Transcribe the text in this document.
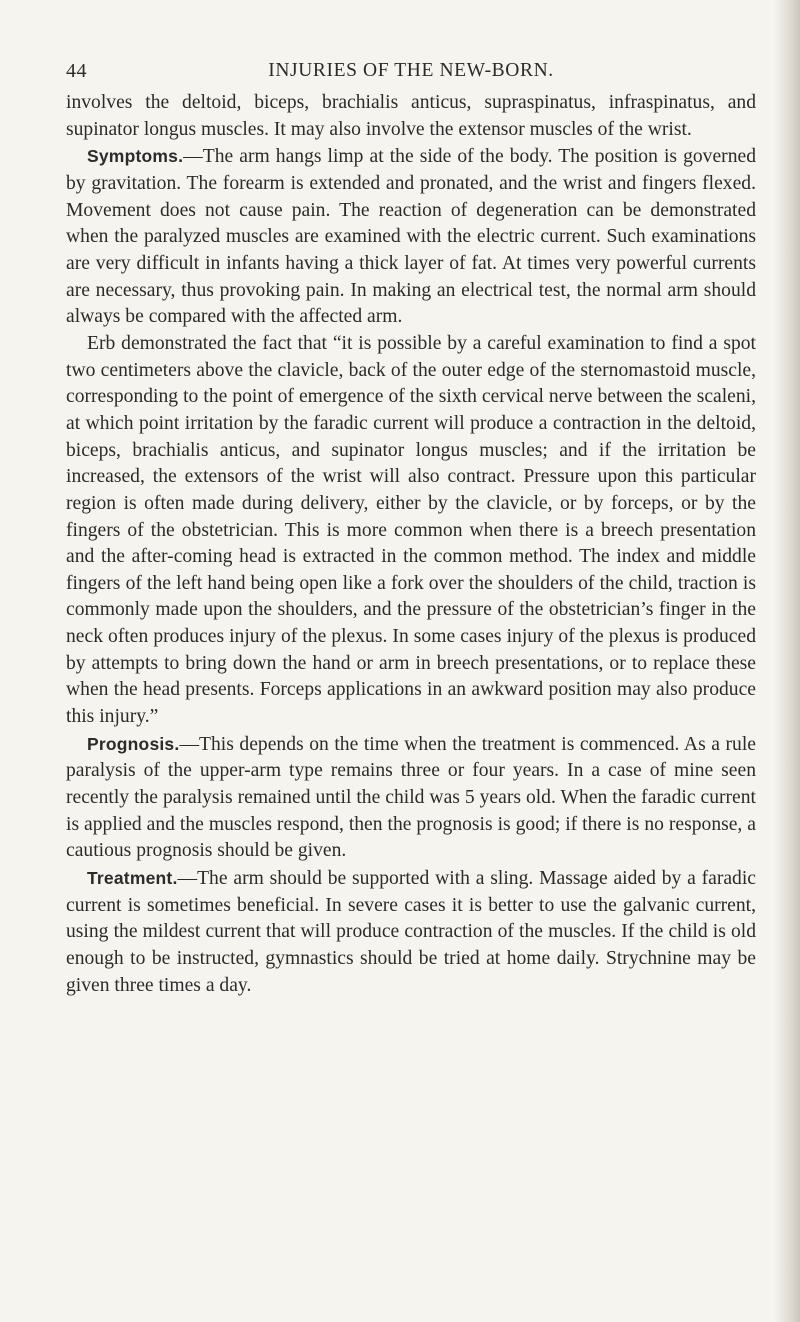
44	INJURIES OF THE NEW-BORN.

involves the deltoid, biceps, brachialis anticus, supraspinatus, infraspinatus, and supinator longus muscles. It may also involve the extensor muscles of the wrist.

Symptoms.—The arm hangs limp at the side of the body. The position is governed by gravitation. The forearm is extended and pronated, and the wrist and fingers flexed. Movement does not cause pain. The reaction of degeneration can be demonstrated when the paralyzed muscles are examined with the electric current. Such examinations are very difficult in infants having a thick layer of fat. At times very powerful currents are necessary, thus provoking pain. In making an electrical test, the normal arm should always be compared with the affected arm.

Erb demonstrated the fact that “it is possible by a careful examination to find a spot two centimeters above the clavicle, back of the outer edge of the sternomastoid muscle, corresponding to the point of emergence of the sixth cervical nerve between the scaleni, at which point irritation by the faradic current will produce a contraction in the deltoid, biceps, brachialis anticus, and supinator longus muscles; and if the irritation be increased, the extensors of the wrist will also contract. Pressure upon this particular region is often made during delivery, either by the clavicle, or by forceps, or by the fingers of the obstetrician. This is more common when there is a breech presentation and the after-coming head is extracted in the common method. The index and middle fingers of the left hand being open like a fork over the shoulders of the child, traction is commonly made upon the shoulders, and the pressure of the obstetrician’s finger in the neck often produces injury of the plexus. In some cases injury of the plexus is produced by attempts to bring down the hand or arm in breech presentations, or to replace these when the head presents. Forceps applications in an awkward position may also produce this injury.”

Prognosis.—This depends on the time when the treatment is commenced. As a rule paralysis of the upper-arm type remains three or four years. In a case of mine seen recently the paralysis remained until the child was 5 years old. When the faradic current is applied and the muscles respond, then the prognosis is good; if there is no response, a cautious prognosis should be given.

Treatment.—The arm should be supported with a sling. Massage aided by a faradic current is sometimes beneficial. In severe cases it is better to use the galvanic current, using the mildest current that will produce contraction of the muscles. If the child is old enough to be instructed, gymnastics should be tried at home daily. Strychnine may be given three times a day.
